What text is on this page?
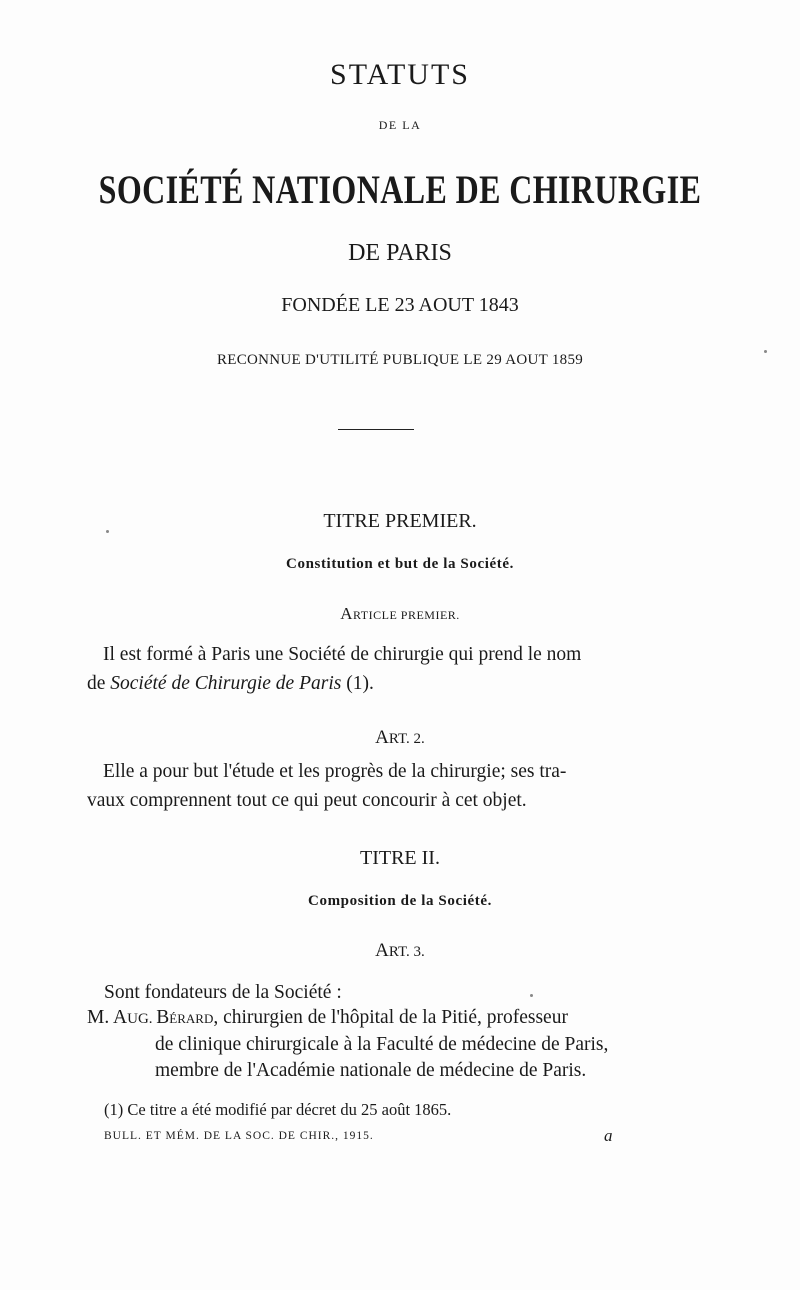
STATUTS
DE LA
SOCIÉTÉ NATIONALE DE CHIRURGIE
DE PARIS
FONDÉE LE 23 AOUT 1843
RECONNUE D'UTILITÉ PUBLIQUE LE 29 AOUT 1859
TITRE PREMIER.
Constitution et but de la Société.
ARTICLE PREMIER.
Il est formé à Paris une Société de chirurgie qui prend le nom
de Société de Chirurgie de Paris (1).
ART. 2.
Elle a pour but l'étude et les progrès de la chirurgie; ses tra-
vaux comprennent tout ce qui peut concourir à cet objet.
TITRE II.
Composition de la Société.
ART. 3.
Sont fondateurs de la Société :
M. AUG. BÉRARD, chirurgien de l'hôpital de la Pitié, professeur
de clinique chirurgicale à la Faculté de médecine de Paris,
membre de l'Académie nationale de médecine de Paris.
(1) Ce titre a été modifié par décret du 25 août 1865.
BULL. ET MÉM. DE LA SOC. DE CHIR., 1915.	a
